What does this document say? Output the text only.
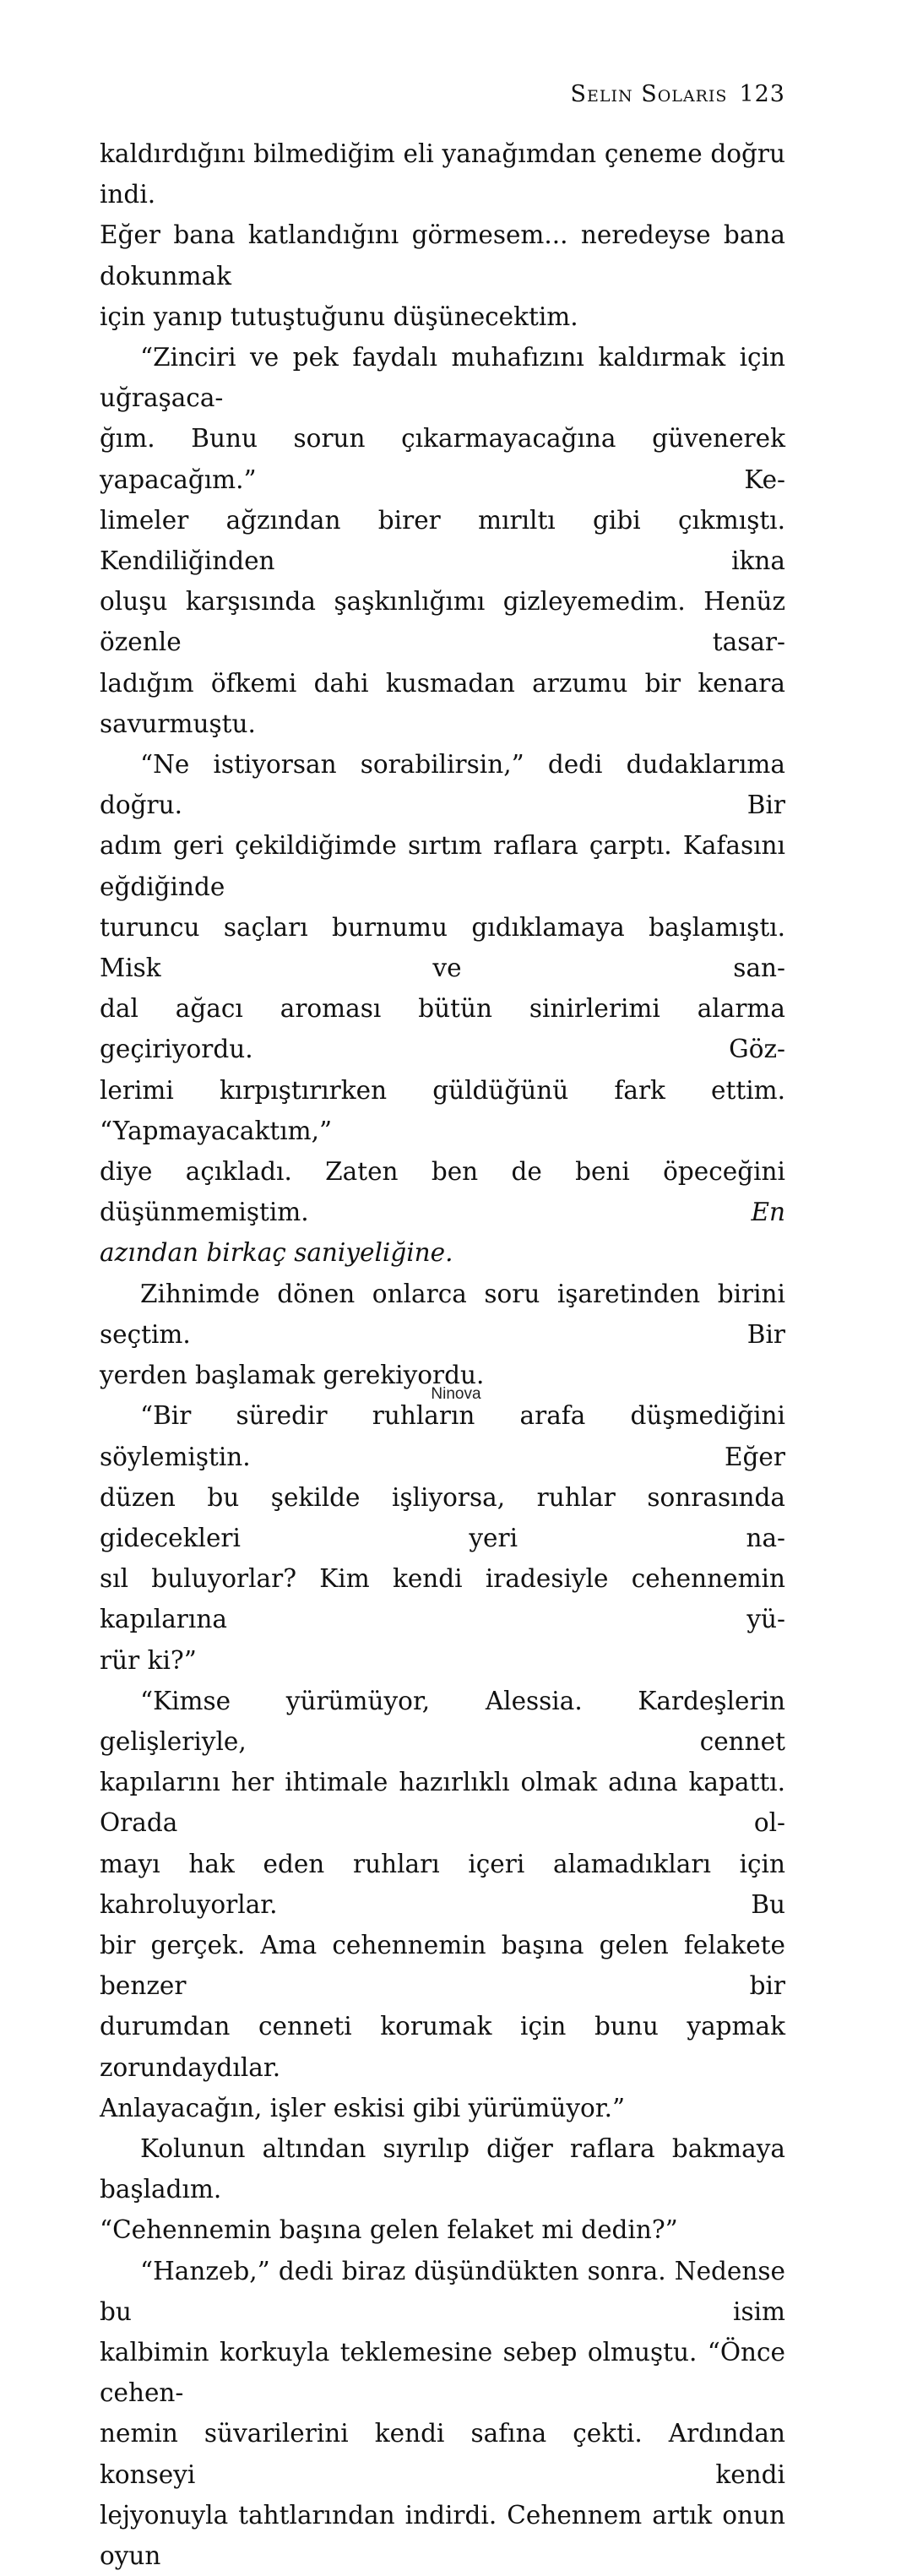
Selin Solaris 123

kaldırdığını bilmediğim eli yanağımdan çeneme doğru indi.

Eğer bana katlandığını görmesem... neredeyse bana dokunmak

için yanıp tutuştuğunu düşünecektim.

“Zinciri ve pek faydalı muhafızını kaldırmak için uğraşaca-

ğım. Bunu sorun çıkarmayacağına güvenerek yapacağım.” Ke-

limeler ağzından birer mırıltı gibi çıkmıştı. Kendiliğinden ikna

oluşu karşısında şaşkınlığımı gizleyemedim. Henüz özenle tasar-

ladığım öfkemi dahi kusmadan arzumu bir kenara savurmuştu.

“Ne istiyorsan sorabilirsin,” dedi dudaklarıma doğru. Bir

adım geri çekildiğimde sırtım raflara çarptı. Kafasını eğdiğinde

turuncu saçları burnumu gıdıklamaya başlamıştı. Misk ve san-

dal ağacı aroması bütün sinirlerimi alarma geçiriyordu. Göz-

lerimi kırpıştırırken güldüğünü fark ettim. “Yapmayacaktım,”

diye açıkladı. Zaten ben de beni öpeceğini düşünmemiştim.	En

azından birkaç saniyeliğine.

Zihnimde dönen onlarca soru işaretinden birini seçtim. Bir

yerden başlamak gerekiyordu.

“Bir süredir ruhların arafa düşmediğini söylemiştin. Eğer

düzen bu şekilde işliyorsa, ruhlar sonrasında gidecekleri yeri na-

sıl buluyorlar? Kim kendi iradesiyle cehennemin kapılarına yü-

rür ki?”

“Kimse yürümüyor, Alessia. Kardeşlerin gelişleriyle, cennet

kapılarını her ihtimale hazırlıklı olmak adına kapattı. Orada ol-

mayı hak eden ruhları içeri alamadıkları için kahroluyorlar. Bu

bir gerçek. Ama cehennemin başına gelen felakete benzer bir

durumdan cenneti korumak için bunu yapmak zorundaydılar.

Anlayacağın, işler eskisi gibi yürümüyor.”

Kolunun altından sıyrılıp diğer raflara bakmaya başladım.

“Cehennemin başına gelen felaket mi dedin?”

“Hanzeb,” dedi biraz düşündükten sonra. Nedense bu isim

kalbimin korkuyla teklemesine sebep olmuştu. “Önce cehen-

nemin süvarilerini kendi safına çekti. Ardından konseyi kendi

lejyonuyla tahtlarından indirdi. Cehennem artık onun oyun

Ninova
